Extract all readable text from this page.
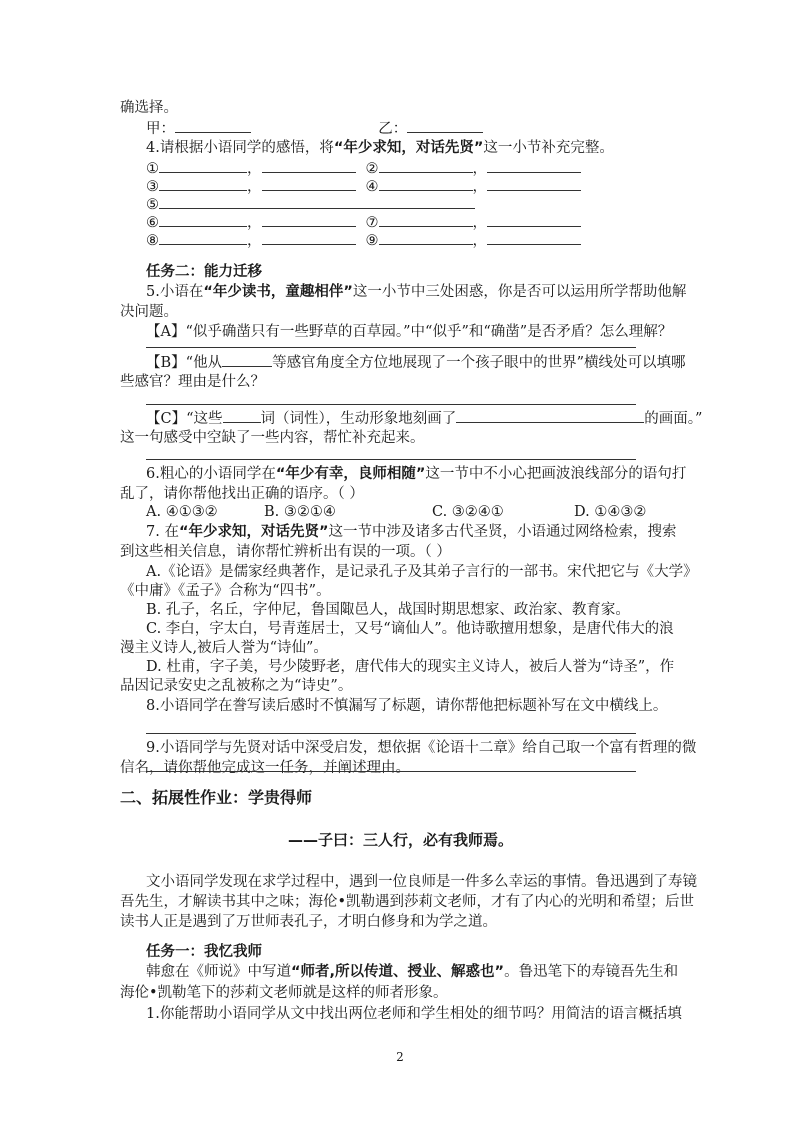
确选择。
甲：	乙：
4.请根据小语同学的感悟，将“年少求知，对话先贤”这一小节补充完整。
①	，	②	，
③	，	④	，
⑤
⑥	，	⑦	，
⑧	，	⑨	，
任务二：能力迁移
5.小语在“年少读书，童趣相伴”这一小节中三处困惑，你是否可以运用所学帮助他解
决问题。
【A】“似乎确凿只有一些野草的百草园。”中“似乎”和“确凿”是否矛盾？怎么理解？
【B】“他从	等感官角度全方位地展现了一个孩子眼中的世界”横线处可以填哪
些感官？理由是什么？
【C】“这些	词（词性），生动形象地刻画了	的画面。”
这一句感受中空缺了一些内容，帮忙补充起来。
6.粗心的小语同学在“年少有幸，良师相随”这一节中不小心把画波浪线部分的语句打
乱了，请你帮他找出正确的语序。（ ）
A. ④①③②	B. ③②①④	C. ③②④①	D. ①④③②
7. 在“年少求知，对话先贤”这一节中涉及诸多古代圣贤，小语通过网络检索，搜索
到这些相关信息，请你帮忙辨析出有误的一项。（ ）
A.《论语》是儒家经典著作，是记录孔子及其弟子言行的一部书。宋代把它与《大学》
《中庸》《孟子》合称为“四书”。
B. 孔子，名丘，字仲尼，鲁国陬邑人，战国时期思想家、政治家、教育家。
C. 李白，字太白，号青莲居士，又号“谪仙人”。他诗歌擅用想象，是唐代伟大的浪
漫主义诗人,被后人誉为“诗仙”。
D. 杜甫，字子美，号少陵野老，唐代伟大的现实主义诗人，被后人誉为“诗圣”，作
品因记录安史之乱被称之为“诗史”。
8.小语同学在誊写读后感时不慎漏写了标题，请你帮他把标题补写在文中横线上。
9.小语同学与先贤对话中深受启发，想依据《论语十二章》给自己取一个富有哲理的微
信名，请你帮他完成这一任务，并阐述理由。
二、拓展性作业：学贵得师
——子曰：三人行，必有我师焉。
文小语同学发现在求学过程中，遇到一位良师是一件多么幸运的事情。鲁迅遇到了寿镜
吾先生，才解读书其中之味；海伦•凯勒遇到莎莉文老师，才有了内心的光明和希望；后世
读书人正是遇到了万世师表孔子，才明白修身和为学之道。
任务一：我忆我师
韩愈在《师说》中写道“师者,所以传道、授业、解惑也”。鲁迅笔下的寿镜吾先生和
海伦•凯勒笔下的莎莉文老师就是这样的师者形象。
1.你能帮助小语同学从文中找出两位老师和学生相处的细节吗？用简洁的语言概括填
2
